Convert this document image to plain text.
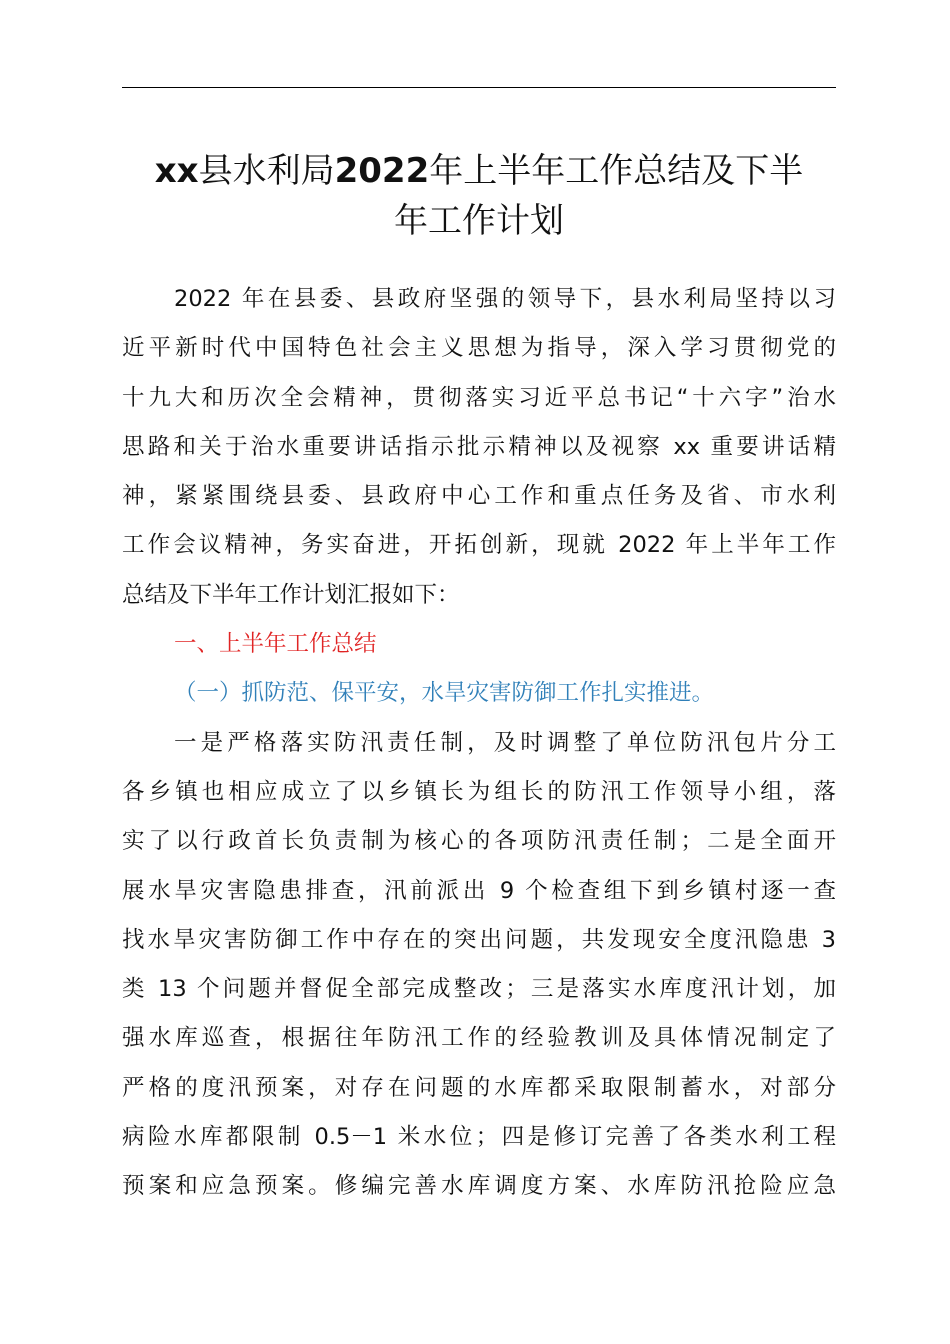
xx县水利局2022年上半年工作总结及下半
年工作计划
2022 年在县委、县政府坚强的领导下，县水利局坚持以习
近平新时代中国特色社会主义思想为指导，深入学习贯彻党的
十九大和历次全会精神，贯彻落实习近平总书记“十六字”治水
思路和关于治水重要讲话指示批示精神以及视察 xx 重要讲话精
神，紧紧围绕县委、县政府中心工作和重点任务及省、市水利
工作会议精神，务实奋进，开拓创新，现就 2022 年上半年工作
总结及下半年工作计划汇报如下：
一、上半年工作总结
（一）抓防范、保平安，水旱灾害防御工作扎实推进。
一是严格落实防汛责任制，及时调整了单位防汛包片分工
各乡镇也相应成立了以乡镇长为组长的防汛工作领导小组，落
实了以行政首长负责制为核心的各项防汛责任制；二是全面开
展水旱灾害隐患排查，汛前派出 9 个检查组下到乡镇村逐一查
找水旱灾害防御工作中存在的突出问题，共发现安全度汛隐患 3
类 13 个问题并督促全部完成整改；三是落实水库度汛计划，加
强水库巡查，根据往年防汛工作的经验教训及具体情况制定了
严格的度汛预案，对存在问题的水库都采取限制蓄水，对部分
病险水库都限制 0.5－1 米水位；四是修订完善了各类水利工程
预案和应急预案。修编完善水库调度方案、水库防汛抢险应急
